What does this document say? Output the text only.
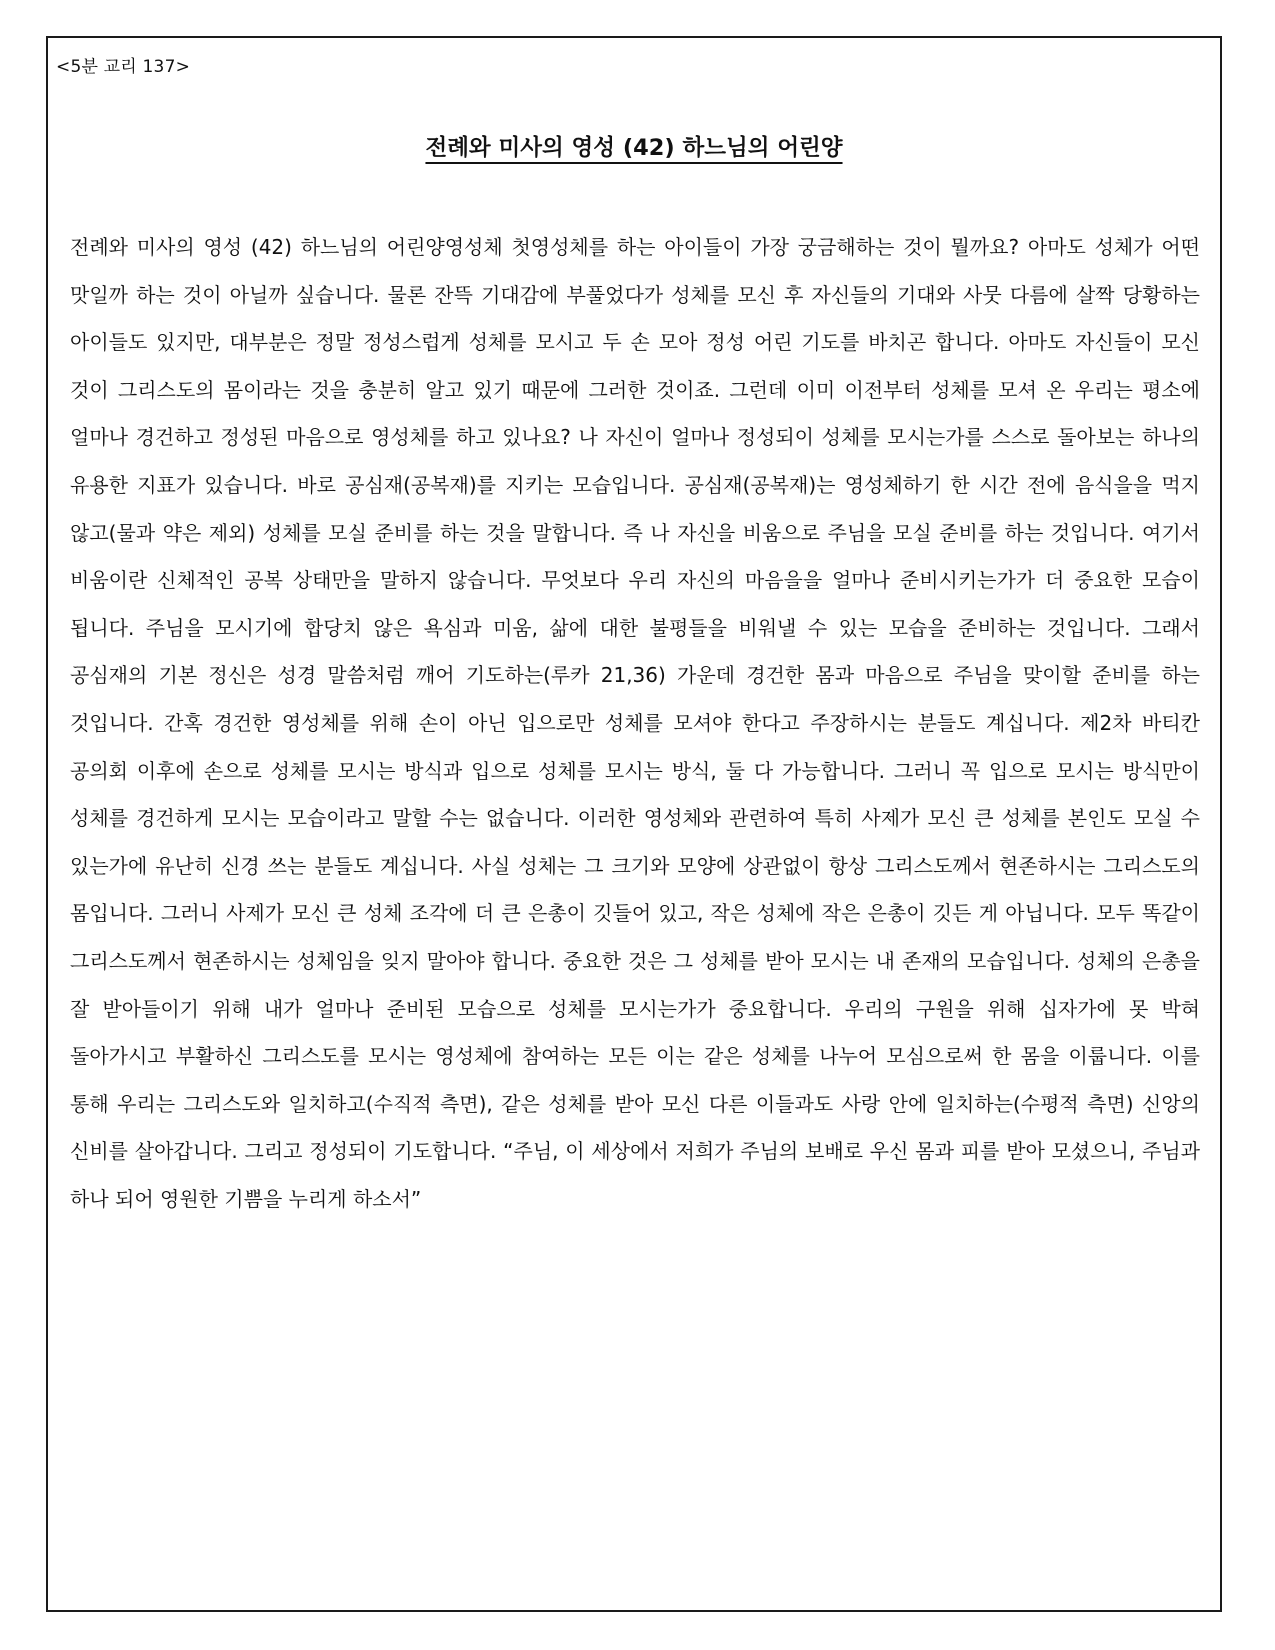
<5분 교리 137>
전례와 미사의 영성 (42) 하느님의 어린양

전례와 미사의 영성 (42) 하느님의 어린양영성체 첫영성체를 하는 아이들이 가장 궁금해하는 것이 뭘까요? 아마도 성체가 어떤 맛일까 하는 것이 아닐까 싶습니다. 물론 잔뜩 기대감에 부풀었다가 성체를 모신 후 자신들의 기대와 사뭇 다름에 살짝 당황하는 아이들도 있지만, 대부분은 정말 정성스럽게 성체를 모시고 두 손 모아 정성 어린 기도를 바치곤 합니다. 아마도 자신들이 모신 것이 그리스도의 몸이라는 것을 충분히 알고 있기 때문에 그러한 것이죠. 그런데 이미 이전부터 성체를 모셔 온 우리는 평소에 얼마나 경건하고 정성된 마음으로 영성체를 하고 있나요? 나 자신이 얼마나 정성되이 성체를 모시는가를 스스로 돌아보는 하나의 유용한 지표가 있습니다. 바로 공심재(공복재)를 지키는 모습입니다. 공심재(공복재)는 영성체하기 한 시간 전에 음식을을 먹지 않고(물과 약은 제외) 성체를 모실 준비를 하는 것을 말합니다. 즉 나 자신을 비움으로 주님을 모실 준비를 하는 것입니다. 여기서 비움이란 신체적인 공복 상태만을 말하지 않습니다. 무엇보다 우리 자신의 마음을을 얼마나 준비시키는가가 더 중요한 모습이 됩니다. 주님을 모시기에 합당치 않은 욕심과 미움, 삶에 대한 불평들을 비워낼 수 있는 모습을 준비하는 것입니다. 그래서 공심재의 기본 정신은 성경 말씀처럼 깨어 기도하는(루카 21,36) 가운데 경건한 몸과 마음으로 주님을 맞이할 준비를 하는 것입니다. 간혹 경건한 영성체를 위해 손이 아닌 입으로만 성체를 모셔야 한다고 주장하시는 분들도 계십니다. 제2차 바티칸 공의회 이후에 손으로 성체를 모시는 방식과 입으로 성체를 모시는 방식, 둘 다 가능합니다. 그러니 꼭 입으로 모시는 방식만이 성체를 경건하게 모시는 모습이라고 말할 수는 없습니다. 이러한 영성체와 관련하여 특히 사제가 모신 큰 성체를 본인도 모실 수 있는가에 유난히 신경 쓰는 분들도 계십니다. 사실 성체는 그 크기와 모양에 상관없이 항상 그리스도께서 현존하시는 그리스도의 몸입니다. 그러니 사제가 모신 큰 성체 조각에 더 큰 은총이 깃들어 있고, 작은 성체에 작은 은총이 깃든 게 아닙니다. 모두 똑같이 그리스도께서 현존하시는 성체임을 잊지 말아야 합니다. 중요한 것은 그 성체를 받아 모시는 내 존재의 모습입니다. 성체의 은총을 잘 받아들이기 위해 내가 얼마나 준비된 모습으로 성체를 모시는가가 중요합니다. 우리의 구원을 위해 십자가에 못 박혀 돌아가시고 부활하신 그리스도를 모시는 영성체에 참여하는 모든 이는 같은 성체를 나누어 모심으로써 한 몸을 이룹니다. 이를 통해 우리는 그리스도와 일치하고(수직적 측면), 같은 성체를 받아 모신 다른 이들과도 사랑 안에 일치하는(수평적 측면) 신앙의 신비를 살아갑니다. 그리고 정성되이 기도합니다. “주님, 이 세상에서 저희가 주님의 보배로 우신 몸과 피를 받아 모셨으니, 주님과 하나 되어 영원한 기쁨을 누리게 하소서”
